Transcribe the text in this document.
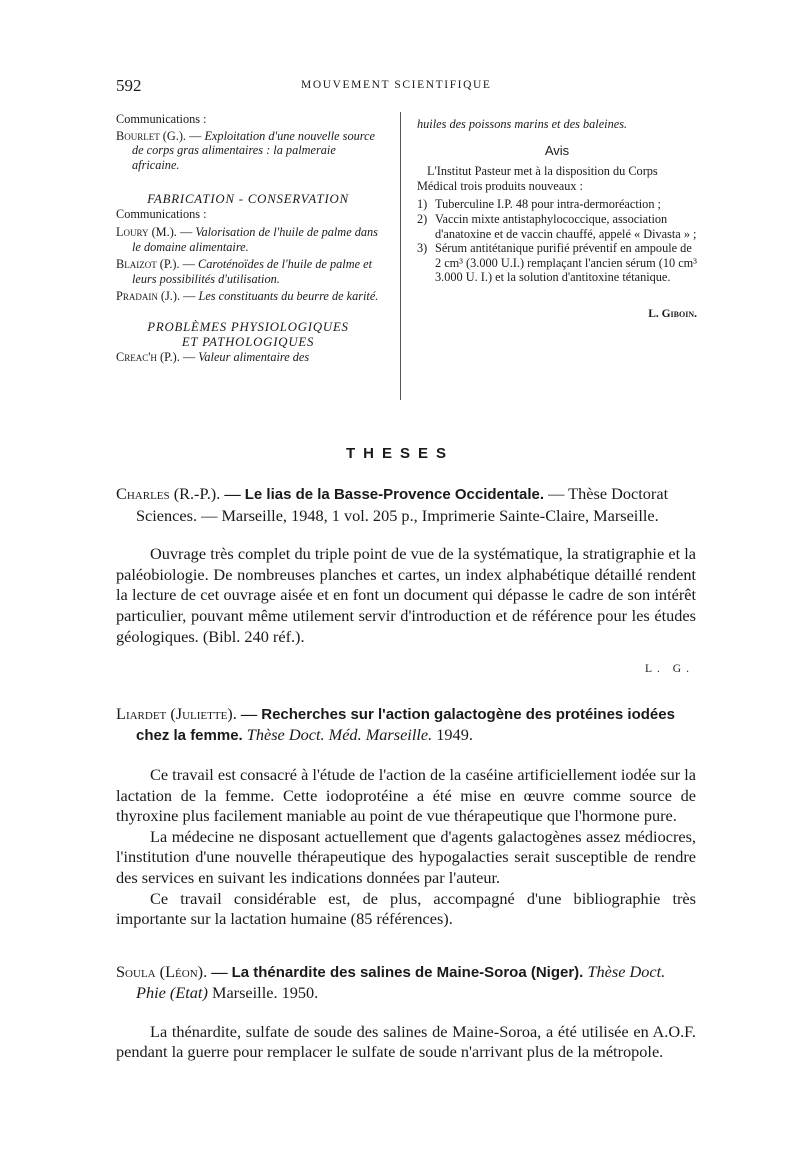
592	MOUVEMENT SCIENTIFIQUE

Communications :

Bourlet (G.). — Exploitation d'une nouvelle source de corps gras alimentaires : la palmeraie africaine.

FABRICATION - CONSERVATION

Communications :

Loury (M.). — Valorisation de l'huile de palme dans le domaine alimentaire.

Blaizot (P.). — Caroténoïdes de l'huile de palme et leurs possibilités d'utilisation.

Pradain (J.). — Les constituants du beurre de karité.

PROBLÈMES PHYSIOLOGIQUES

ET PATHOLOGIQUES

Creac'h (P.). — Valeur alimentaire des

huiles des poissons marins et des baleines.

Avis

L'Institut Pasteur met à la disposition du Corps Médical trois produits nouveaux :

1) Tuberculine I.P. 48 pour intra-dermoréaction ;
2) Vaccin mixte antistaphylococcique, association d'anatoxine et de vaccin chauffé, appelé « Divasta » ;
3) Sérum antitétanique purifié préventif en ampoule de 2 cm³ (3.000 U.I.) remplaçant l'ancien sérum (10 cm³ 3.000 U. I.) et la solution d'antitoxine tétanique.

L. Giboin.

THESES

Charles (R.-P.). — Le lias de la Basse-Provence Occidentale. — Thèse Doctorat Sciences. — Marseille, 1948, 1 vol. 205 p., Imprimerie Sainte-Claire, Marseille.

Ouvrage très complet du triple point de vue de la systématique, la stratigraphie et la paléobiologie. De nombreuses planches et cartes, un index alphabétique détaillé rendent la lecture de cet ouvrage aisée et en font un document qui dépasse le cadre de son intérêt particulier, pouvant même utilement servir d'introduction et de référence pour les études géologiques. (Bibl. 240 réf.).

L. G.

Liardet (Juliette). — Recherches sur l'action galactogène des protéines iodées chez la femme. Thèse Doct. Méd. Marseille. 1949.

Ce travail est consacré à l'étude de l'action de la caséine artificiellement iodée sur la lactation de la femme. Cette iodoprotéine a été mise en œuvre comme source de thyroxine plus facilement maniable au point de vue thérapeutique que l'hormone pure.

La médecine ne disposant actuellement que d'agents galactogènes assez médiocres, l'institution d'une nouvelle thérapeutique des hypogalacties serait susceptible de rendre des services en suivant les indications données par l'auteur.

Ce travail considérable est, de plus, accompagné d'une bibliographie très importante sur la lactation humaine (85 références).

Soula (Léon). — La thénardite des salines de Maine-Soroa (Niger). Thèse Doct. Phie (Etat) Marseille. 1950.

La thénardite, sulfate de soude des salines de Maine-Soroa, a été utilisée en A.O.F. pendant la guerre pour remplacer le sulfate de soude n'arrivant plus de la métropole.
